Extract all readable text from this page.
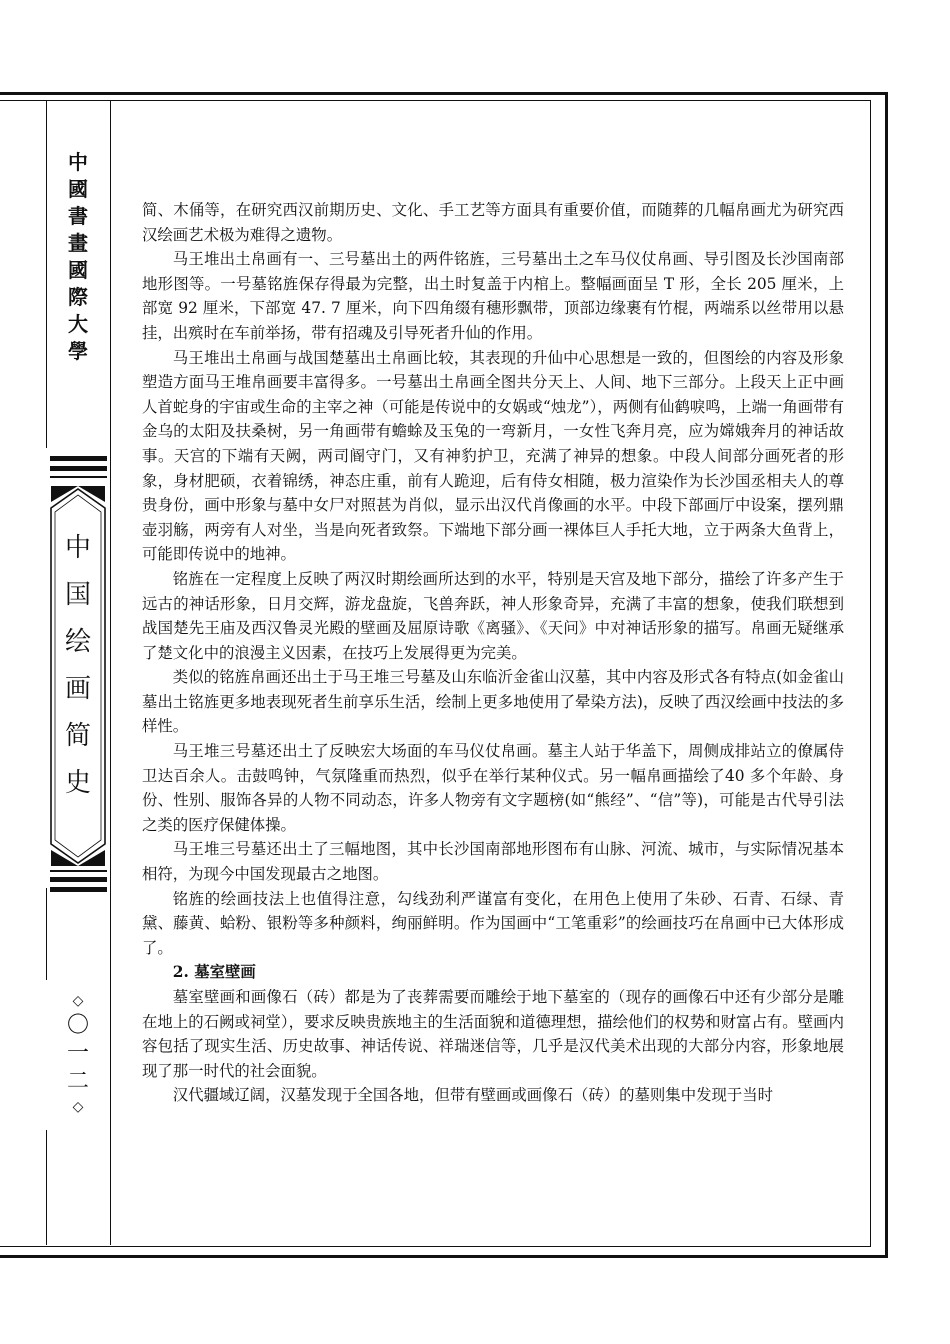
中
國
書
畫
國
際
大
學
中
国
绘
画
简
史
◇
〇
一
二
◇

简、木俑等，在研究西汉前期历史、文化、手工艺等方面具有重要价值，而随葬的几幅帛画尤为研究西汉绘画艺术极为难得之遗物。

马王堆出土帛画有一、三号墓出土的两件铭旌，三号墓出土之车马仪仗帛画、导引图及长沙国南部地形图等。一号墓铭旌保存得最为完整，出土时复盖于内棺上。整幅画面呈 T 形，全长 205 厘米，上部宽 92 厘米，下部宽 47. 7 厘米，向下四角缀有穗形飘带，顶部边缘裹有竹棍，两端系以丝带用以悬挂，出殡时在车前举扬，带有招魂及引导死者升仙的作用。

马王堆出土帛画与战国楚墓出土帛画比较，其表现的升仙中心思想是一致的，但图绘的内容及形象塑造方面马王堆帛画要丰富得多。一号墓出土帛画全图共分天上、人间、地下三部分。上段天上正中画人首蛇身的宇宙或生命的主宰之神（可能是传说中的女娲或“烛龙”），两侧有仙鹤唳鸣，上端一角画带有金乌的太阳及扶桑树，另一角画带有蟾蜍及玉兔的一弯新月，一女性飞奔月亮，应为嫦娥奔月的神话故事。天宫的下端有天阙，两司阍守门，又有神豹护卫，充满了神异的想象。中段人间部分画死者的形象，身材肥硕，衣着锦绣，神态庄重，前有人跪迎，后有侍女相随，极力渲染作为长沙国丞相夫人的尊贵身份，画中形象与墓中女尸对照甚为肖似，显示出汉代肖像画的水平。中段下部画厅中设案，摆列鼎壶羽觞，两旁有人对坐，当是向死者致祭。下端地下部分画一裸体巨人手托大地，立于两条大鱼背上，可能即传说中的地神。

铭旌在一定程度上反映了两汉时期绘画所达到的水平，特别是天宫及地下部分，描绘了许多产生于远古的神话形象，日月交辉，游龙盘旋，飞兽奔跃，神人形象奇异，充满了丰富的想象，使我们联想到战国楚先王庙及西汉鲁灵光殿的壁画及屈原诗歌《离骚》、《天问》中对神话形象的描写。帛画无疑继承了楚文化中的浪漫主义因素，在技巧上发展得更为完美。

类似的铭旌帛画还出土于马王堆三号墓及山东临沂金雀山汉墓，其中内容及形式各有特点(如金雀山墓出土铭旌更多地表现死者生前享乐生活，绘制上更多地使用了晕染方法)，反映了西汉绘画中技法的多样性。

马王堆三号墓还出土了反映宏大场面的车马仪仗帛画。墓主人站于华盖下，周侧成排站立的僚属侍卫达百余人。击鼓鸣钟，气氛隆重而热烈，似乎在举行某种仪式。另一幅帛画描绘了40 多个年龄、身份、性别、服饰各异的人物不同动态，许多人物旁有文字题榜(如“熊经”、“信”等)，可能是古代导引法之类的医疗保健体操。

马王堆三号墓还出土了三幅地图，其中长沙国南部地形图布有山脉、河流、城市，与实际情况基本相符，为现今中国发现最古之地图。

铭旌的绘画技法上也值得注意，勾线劲利严谨富有变化，在用色上使用了朱砂、石青、石绿、青黛、藤黄、蛤粉、银粉等多种颜料，绚丽鲜明。作为国画中“工笔重彩”的绘画技巧在帛画中已大体形成了。

2. 墓室壁画

墓室壁画和画像石（砖）都是为了丧葬需要而雕绘于地下墓室的（现存的画像石中还有少部分是雕在地上的石阙或祠堂），要求反映贵族地主的生活面貌和道德理想，描绘他们的权势和财富占有。壁画内容包括了现实生活、历史故事、神话传说、祥瑞迷信等，几乎是汉代美术出现的大部分内容，形象地展现了那一时代的社会面貌。

汉代疆域辽阔，汉墓发现于全国各地，但带有壁画或画像石（砖）的墓则集中发现于当时
